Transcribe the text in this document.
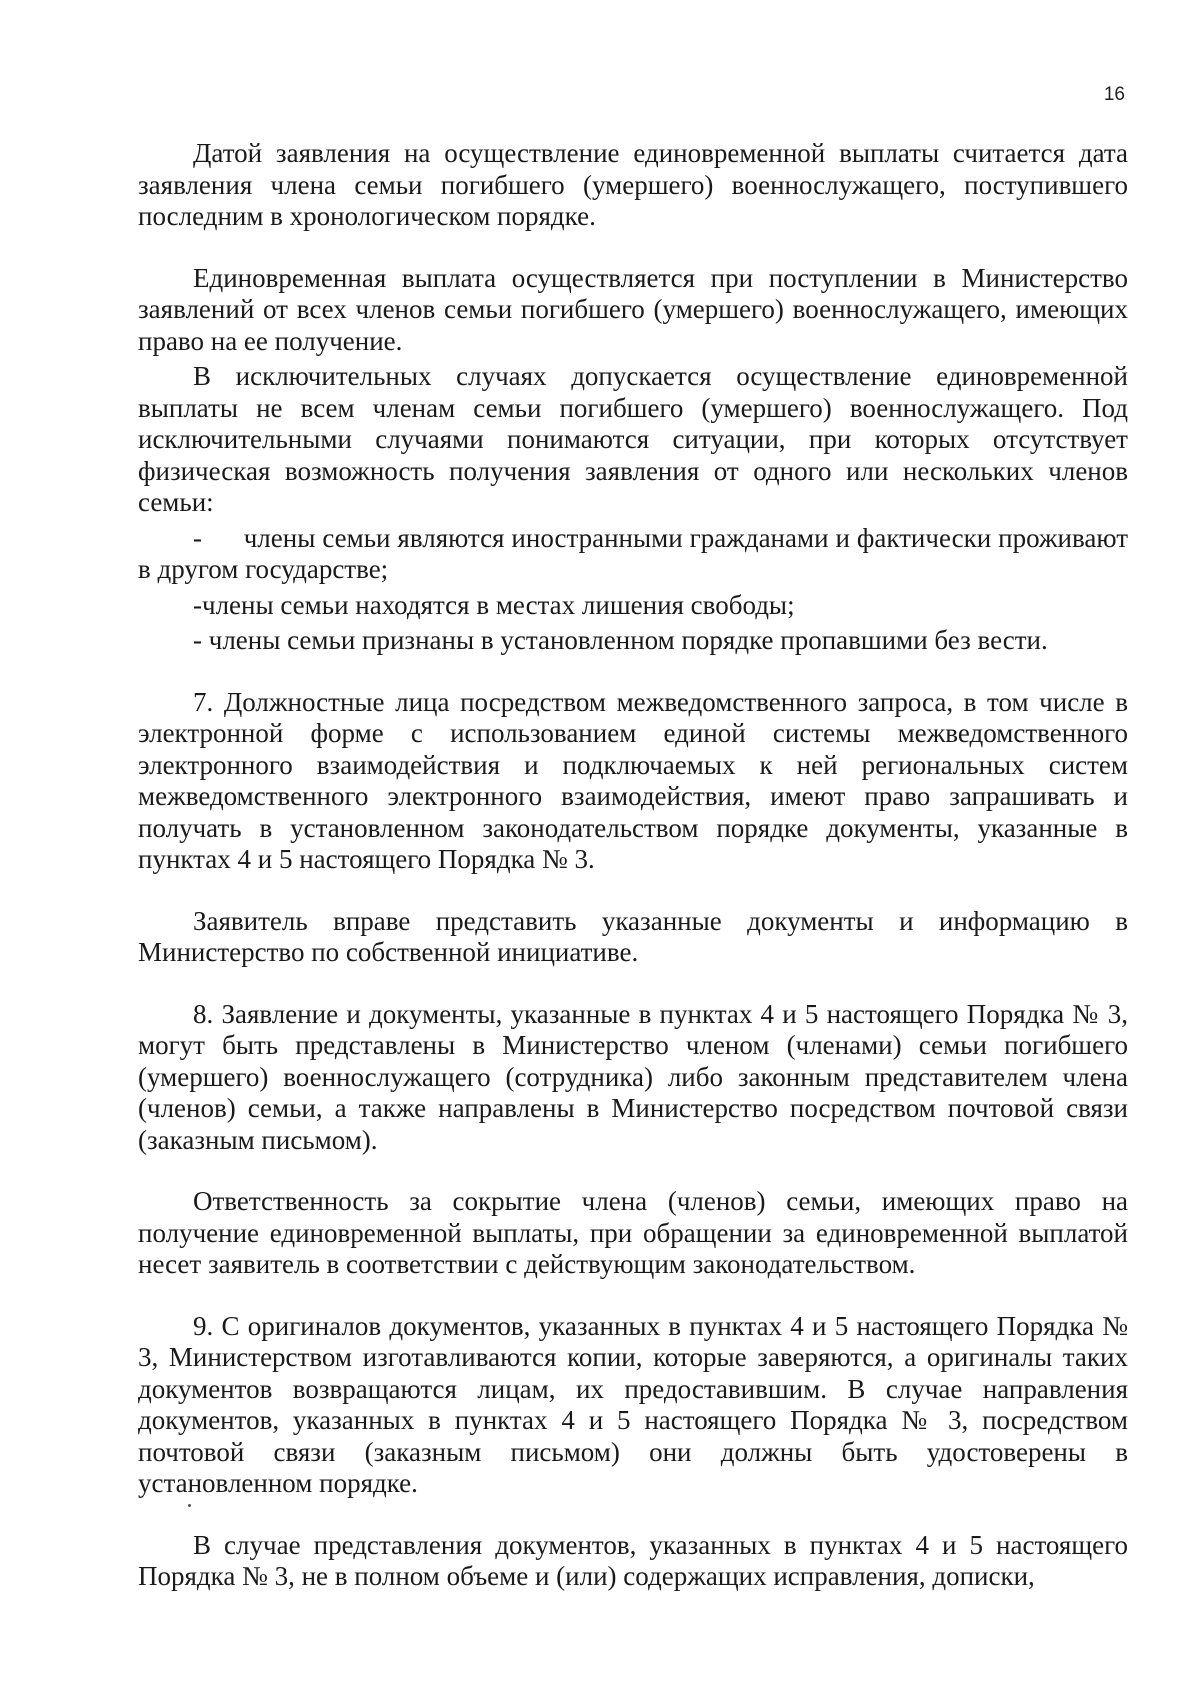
16

Датой заявления на осуществление единовременной выплаты считается дата заявления члена семьи погибшего (умершего) военнослужащего, поступившего последним в хронологическом порядке.

Единовременная выплата осуществляется при поступлении в Министерство заявлений от всех членов семьи погибшего (умершего) военнослужащего, имеющих право на ее получение.

В исключительных случаях допускается осуществление единовременной выплаты не всем членам семьи погибшего (умершего) военнослужащего. Под исключительными случаями понимаются ситуации, при которых отсутствует физическая возможность получения заявления от одного или нескольких членов семьи:

-      члены семьи являются иностранными гражданами и фактически проживают в другом государстве;

-члены семьи находятся в местах лишения свободы;

- члены семьи признаны в установленном порядке пропавшими без вести.

7. Должностные лица посредством межведомственного запроса, в том числе в электронной форме с использованием единой системы межведомственного электронного взаимодействия и подключаемых к ней региональных систем межведомственного электронного взаимодействия, имеют право запрашивать и получать в установленном законодательством порядке документы, указанные в пунктах 4 и 5 настоящего Порядка № 3.

Заявитель вправе представить указанные документы и информацию в Министерство по собственной инициативе.

8. Заявление и документы, указанные в пунктах 4 и 5 настоящего Порядка № 3, могут быть представлены в Министерство членом (членами) семьи погибшего (умершего) военнослужащего (сотрудника) либо законным представителем члена (членов) семьи, а также направлены в Министерство посредством почтовой связи (заказным письмом).

Ответственность за сокрытие члена (членов) семьи, имеющих право на получение единовременной выплаты, при обращении за единовременной выплатой несет заявитель в соответствии с действующим законодательством.

9. С оригиналов документов, указанных в пунктах 4 и 5 настоящего Порядка № 3, Министерством изготавливаются копии, которые заверяются, а оригиналы таких документов возвращаются лицам, их предоставившим. В случае направления документов, указанных в пунктах 4 и 5 настоящего Порядка № 3, посредством почтовой связи (заказным письмом) они должны быть удостоверены в установленном порядке.

В случае представления документов, указанных в пунктах 4 и 5 настоящего Порядка № 3, не в полном объеме и (или) содержащих исправления, дописки,
